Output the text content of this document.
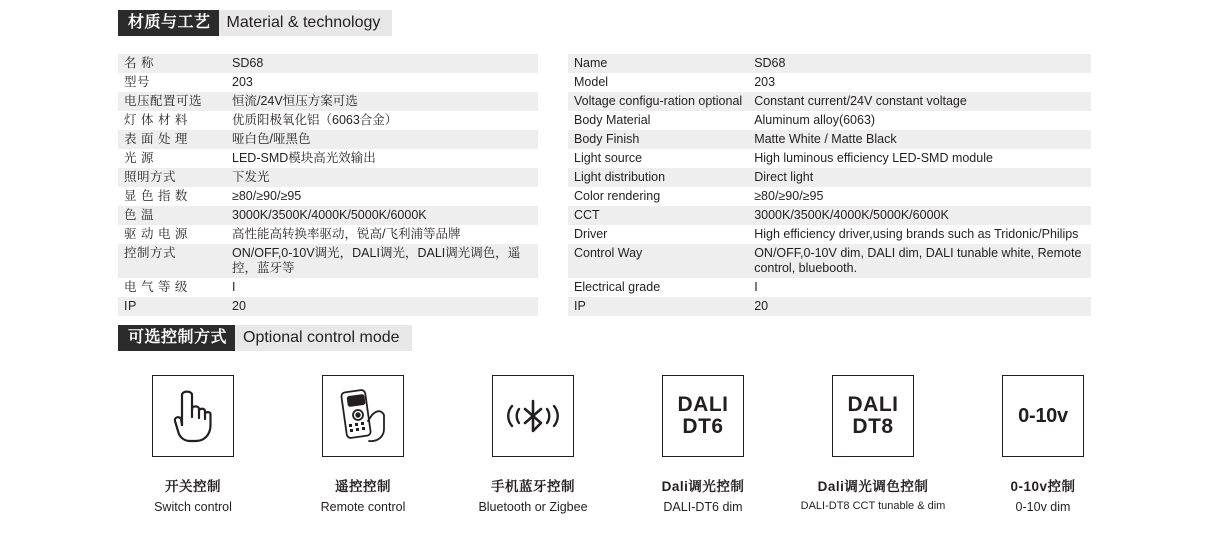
材质与工艺	Material & technology
名 称	SD68
型号	203
电压配置可选	恒流/24V恒压方案可选
灯 体 材 料	优质阳极氧化铝（6063合金）
表 面 处 理	哑白色/哑黑色
光 源	LED-SMD模块高光效输出
照明方式	下发光
显 色 指 数	≥80/≥90/≥95
色 温	3000K/3500K/4000K/5000K/6000K
驱 动 电 源	高性能高转换率驱动，锐高/飞利浦等品牌
控制方式	ON/OFF,0-10V调光，DALI调光，DALI调光调色，遥控，蓝牙等
电 气 等 级	I
IP	20
Name	SD68
Model	203
Voltage configu-ration optional	Constant current/24V constant voltage
Body Material	Aluminum alloy(6063)
Body Finish	Matte White / Matte Black
Light source	High luminous efficiency LED-SMD module
Light distribution	Direct light
Color rendering	≥80/≥90/≥95
CCT	3000K/3500K/4000K/5000K/6000K
Driver	High efficiency driver,using brands such as Tridonic/Philips
Control Way	ON/OFF,0-10V dim, DALI dim, DALI tunable white, Remote control, bluebooth.
Electrical grade	I
IP	20
可选控制方式	Optional control mode
开关控制
Switch control
遥控控制
Remote control
手机蓝牙控制
Bluetooth or Zigbee
DALI
DT6
Dali调光控制
DALI-DT6 dim
DALI
DT8
Dali调光调色控制
DALI-DT8 CCT tunable & dim
0-10v
0-10v控制
0-10v dim
